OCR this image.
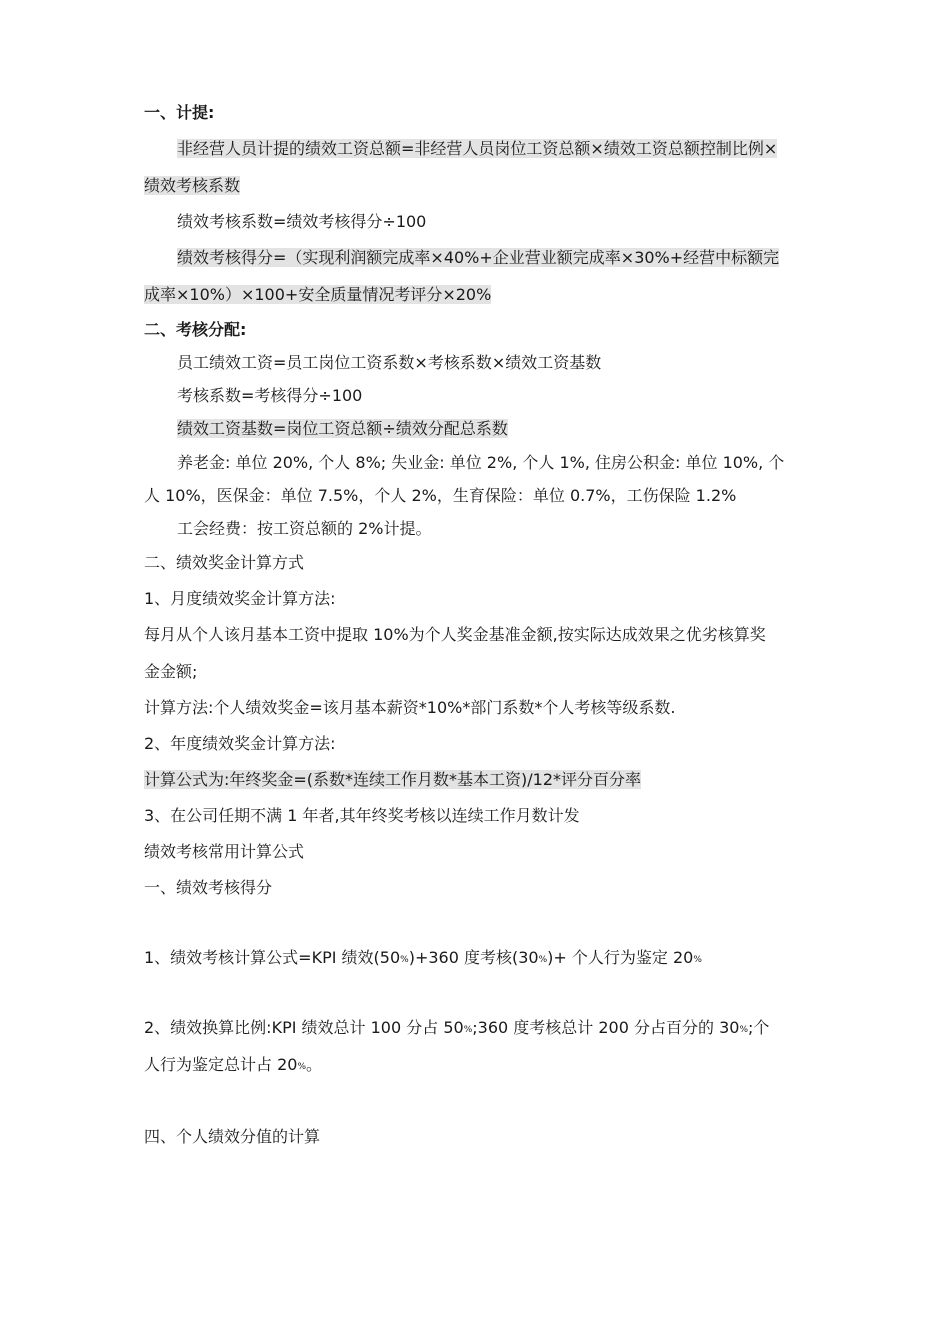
一、计提:
非经营人员计提的绩效工资总额=非经营人员岗位工资总额×绩效工资总额控制比例×
绩效考核系数
绩效考核系数=绩效考核得分÷100
绩效考核得分=（实现利润额完成率×40%+企业营业额完成率×30%+经营中标额完
成率×10%）×100+安全质量情况考评分×20%
二、考核分配:
员工绩效工资=员工岗位工资系数×考核系数×绩效工资基数
考核系数=考核得分÷100
绩效工资基数=岗位工资总额÷绩效分配总系数
养老金: 单位 20%, 个人 8%; 失业金: 单位 2%, 个人 1%, 住房公积金: 单位 10%, 个
人 10%，医保金：单位 7.5%，个人 2%，生育保险：单位 0.7%，工伤保险 1.2%
工会经费：按工资总额的 2%计提。
二、绩效奖金计算方式
1、月度绩效奖金计算方法:
每月从个人该月基本工资中提取 10%为个人奖金基准金额,按实际达成效果之优劣核算奖
金金额;
计算方法:个人绩效奖金=该月基本薪资*10%*部门系数*个人考核等级系数.
2、年度绩效奖金计算方法:
计算公式为:年终奖金=(系数*连续工作月数*基本工资)/12*评分百分率
3、在公司任期不满 1 年者,其年终奖考核以连续工作月数计发
绩效考核常用计算公式
一、绩效考核得分
1、绩效考核计算公式=KPI 绩效(50%)+360 度考核(30%)+ 个人行为鉴定 20%
2、绩效换算比例:KPI 绩效总计 100 分占 50%;360 度考核总计 200 分占百分的 30%;个
人行为鉴定总计占 20%。
四、个人绩效分值的计算
